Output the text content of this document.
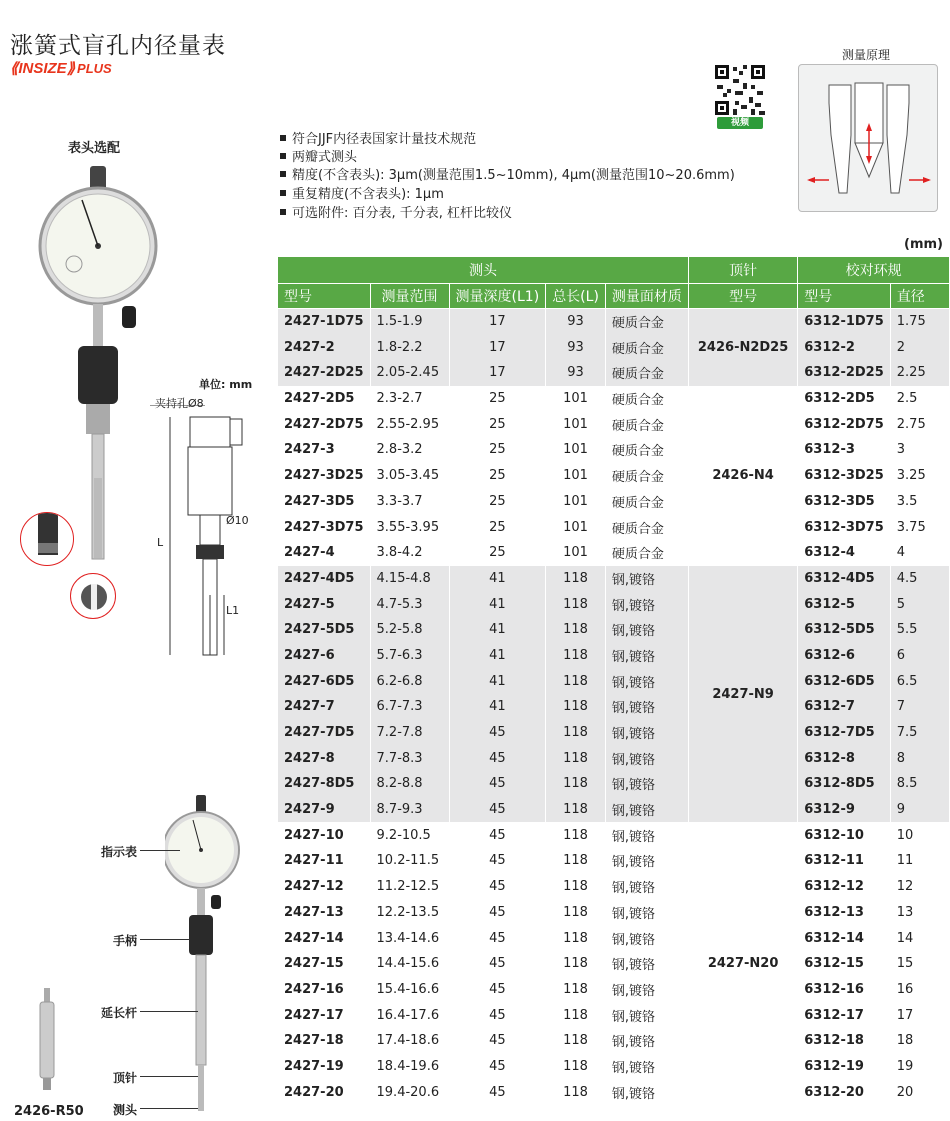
涨簧式盲孔内径量表
⟪INSIZE⟫ PLUS
视频
测量原理
表头选配
符合JJF内径表国家计量技术规范
两瓣式测头
精度(不含表头): 3μm(测量范围1.5~10mm), 4μm(测量范围10~20.6mm)
重复精度(不含表头): 1μm
可选附件: 百分表, 千分表, 杠杆比较仪
(mm)
单位: mm
夹持孔Ø8
L
L1
Ø10
指示表
手柄
延长杆
顶针
测头
2426-R50
测头					顶针	校对环规	
型号	测量范围	测量深度(L1)	总长(L)	测量面材质	型号	型号	直径
2427-1D75	1.5-1.9	17	93	硬质合金	2426-N2D25	6312-1D75	1.75
2427-2	1.8-2.2	17	93	硬质合金		6312-2	2
2427-2D25	2.05-2.45	17	93	硬质合金		6312-2D25	2.25
2427-2D5	2.3-2.7	25	101	硬质合金	2426-N4	6312-2D5	2.5
2427-2D75	2.55-2.95	25	101	硬质合金		6312-2D75	2.75
2427-3	2.8-3.2	25	101	硬质合金		6312-3	3
2427-3D25	3.05-3.45	25	101	硬质合金		6312-3D25	3.25
2427-3D5	3.3-3.7	25	101	硬质合金		6312-3D5	3.5
2427-3D75	3.55-3.95	25	101	硬质合金		6312-3D75	3.75
2427-4	3.8-4.2	25	101	硬质合金		6312-4	4
2427-4D5	4.15-4.8	41	118	钢,镀铬	2427-N9	6312-4D5	4.5
2427-5	4.7-5.3	41	118	钢,镀铬		6312-5	5
2427-5D5	5.2-5.8	41	118	钢,镀铬		6312-5D5	5.5
2427-6	5.7-6.3	41	118	钢,镀铬		6312-6	6
2427-6D5	6.2-6.8	41	118	钢,镀铬		6312-6D5	6.5
2427-7	6.7-7.3	41	118	钢,镀铬		6312-7	7
2427-7D5	7.2-7.8	45	118	钢,镀铬		6312-7D5	7.5
2427-8	7.7-8.3	45	118	钢,镀铬		6312-8	8
2427-8D5	8.2-8.8	45	118	钢,镀铬		6312-8D5	8.5
2427-9	8.7-9.3	45	118	钢,镀铬		6312-9	9
2427-10	9.2-10.5	45	118	钢,镀铬	2427-N20	6312-10	10
2427-11	10.2-11.5	45	118	钢,镀铬		6312-11	11
2427-12	11.2-12.5	45	118	钢,镀铬		6312-12	12
2427-13	12.2-13.5	45	118	钢,镀铬		6312-13	13
2427-14	13.4-14.6	45	118	钢,镀铬		6312-14	14
2427-15	14.4-15.6	45	118	钢,镀铬		6312-15	15
2427-16	15.4-16.6	45	118	钢,镀铬		6312-16	16
2427-17	16.4-17.6	45	118	钢,镀铬		6312-17	17
2427-18	17.4-18.6	45	118	钢,镀铬		6312-18	18
2427-19	18.4-19.6	45	118	钢,镀铬		6312-19	19
2427-20	19.4-20.6	45	118	钢,镀铬		6312-20	20
